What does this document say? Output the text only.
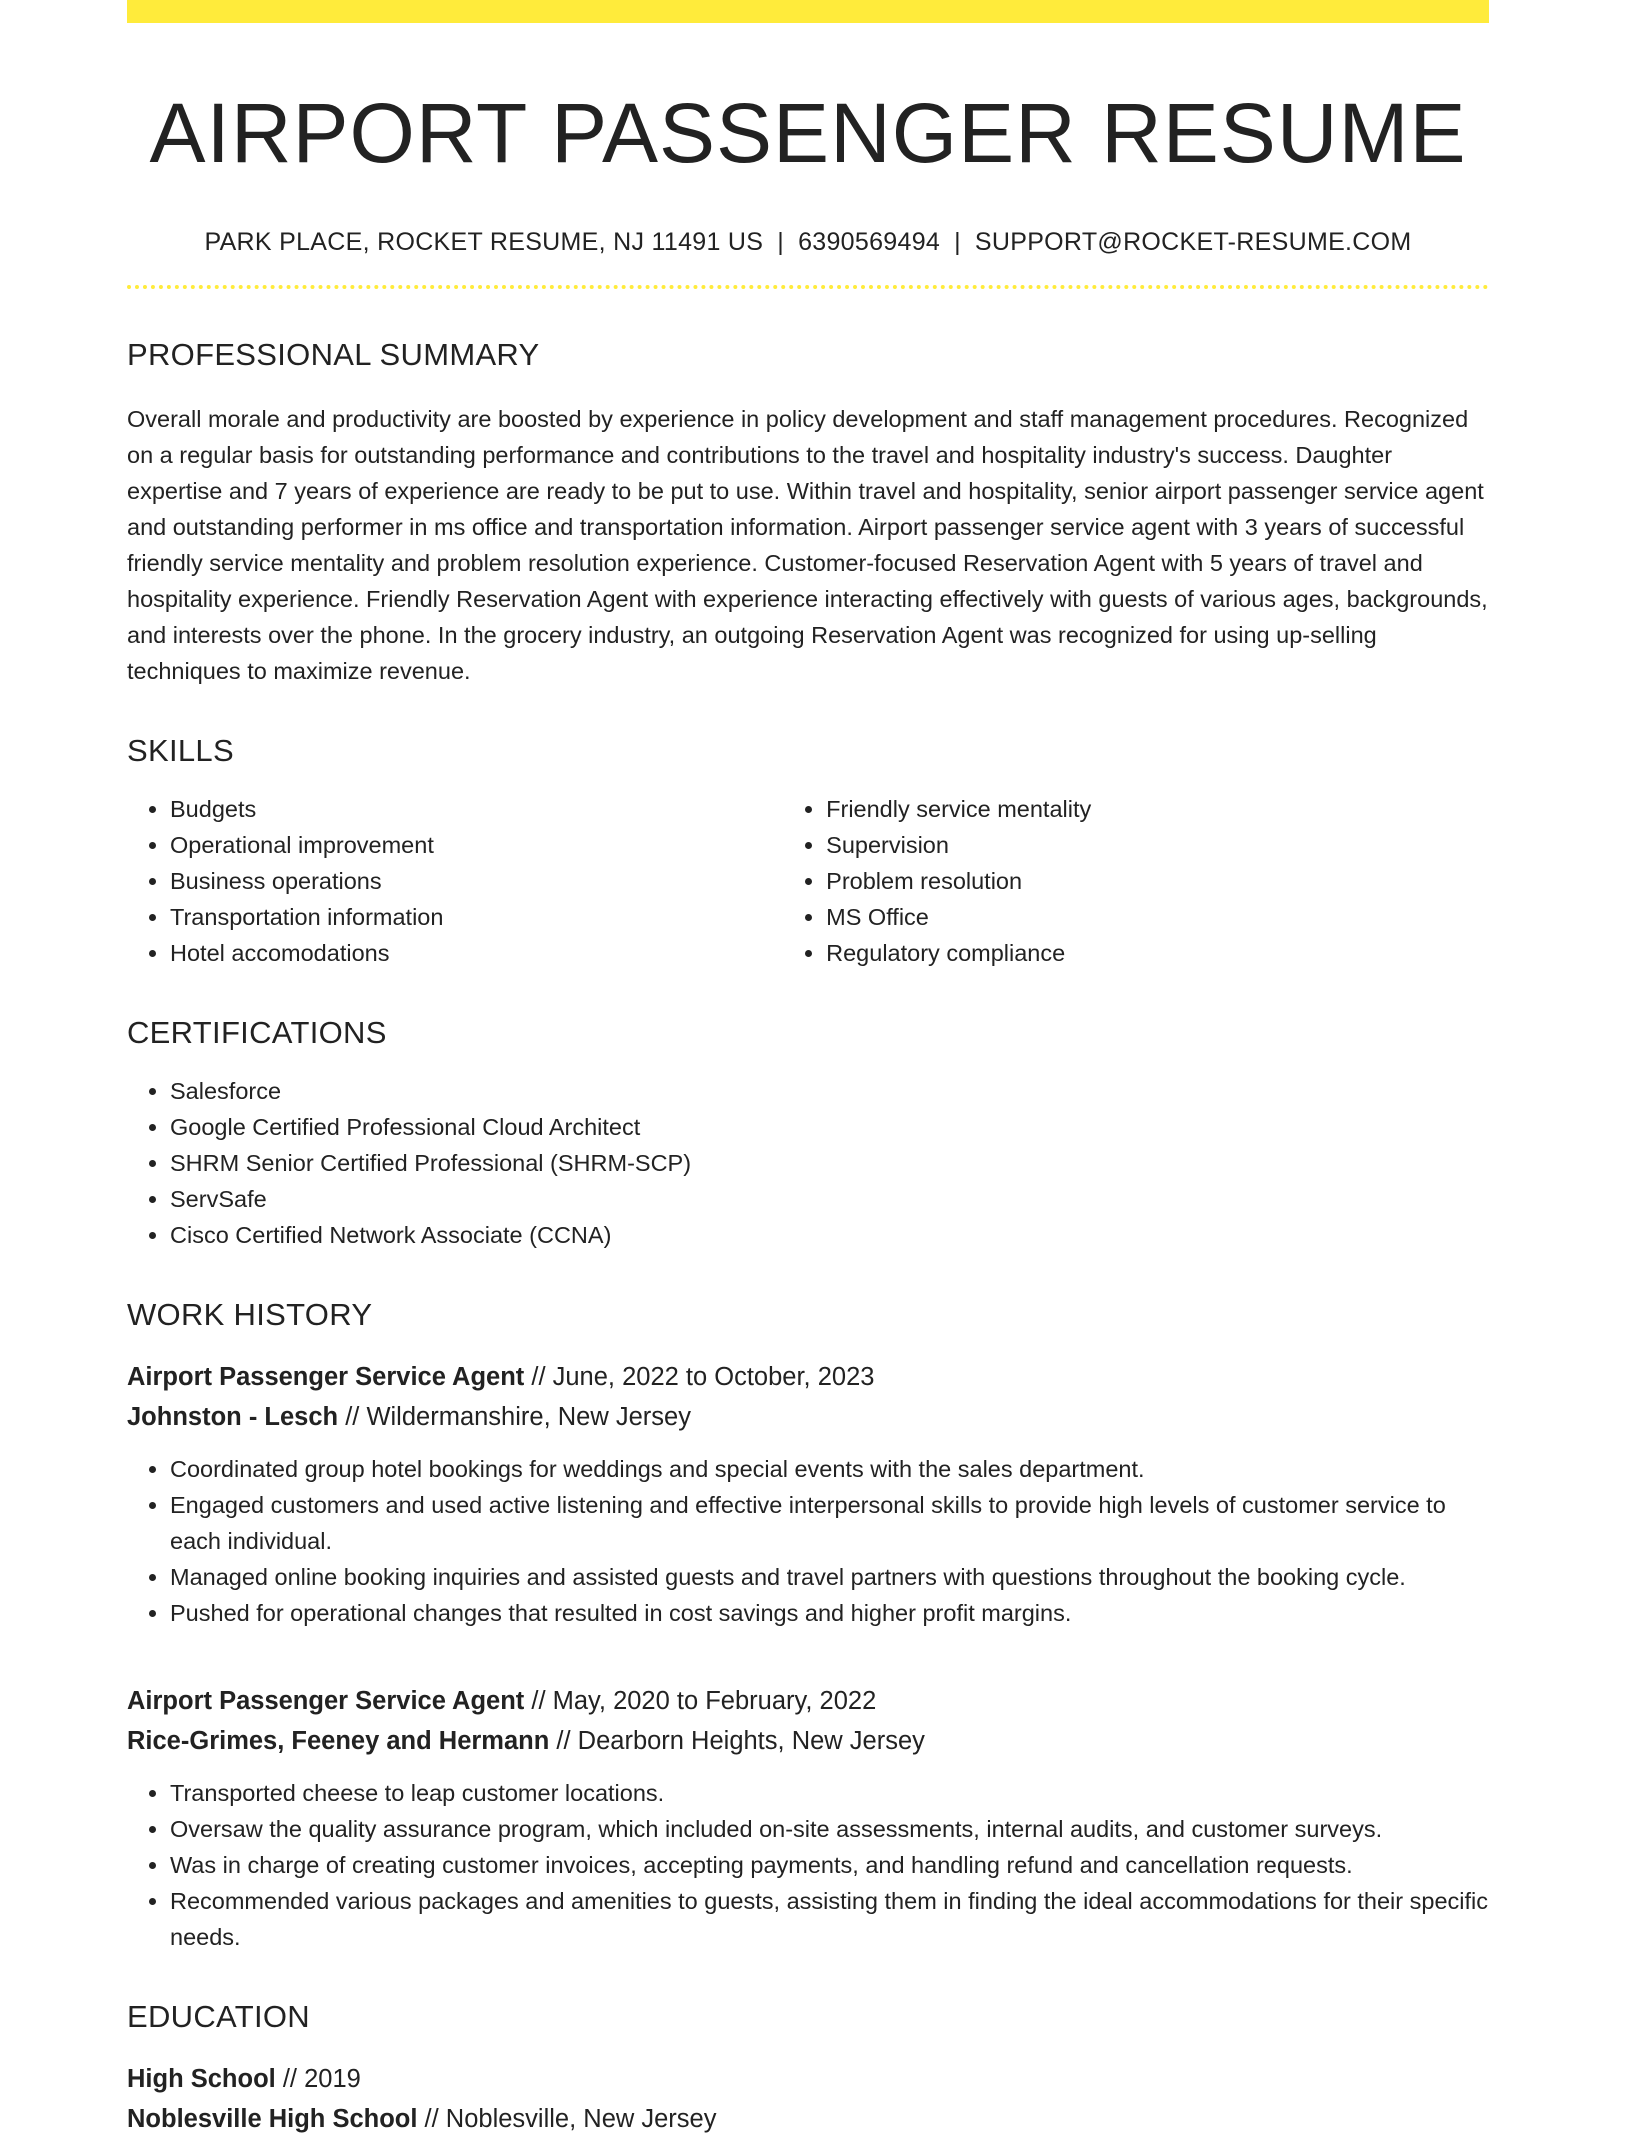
AIRPORT PASSENGER RESUME
PARK PLACE, ROCKET RESUME, NJ 11491 US | 6390569494 | SUPPORT@ROCKET-RESUME.COM
PROFESSIONAL SUMMARY

Overall morale and productivity are boosted by experience in policy development and staff management procedures. Recognized on a regular basis for outstanding performance and contributions to the travel and hospitality industry's success. Daughter expertise and 7 years of experience are ready to be put to use. Within travel and hospitality, senior airport passenger service agent and outstanding performer in ms office and transportation information. Airport passenger service agent with 3 years of successful friendly service mentality and problem resolution experience. Customer-focused Reservation Agent with 5 years of travel and hospitality experience. Friendly Reservation Agent with experience interacting effectively with guests of various ages, backgrounds, and interests over the phone. In the grocery industry, an outgoing Reservation Agent was recognized for using up-selling techniques to maximize revenue.

SKILLS
• Budgets
• Operational improvement
• Business operations
• Transportation information
• Hotel accomodations
• Friendly service mentality
• Supervision
• Problem resolution
• MS Office
• Regulatory compliance
CERTIFICATIONS
• Salesforce
• Google Certified Professional Cloud Architect
• SHRM Senior Certified Professional (SHRM-SCP)
• ServSafe
• Cisco Certified Network Associate (CCNA)
WORK HISTORY
Airport Passenger Service Agent // June, 2022 to October, 2023
Johnston - Lesch // Wildermanshire, New Jersey
• Coordinated group hotel bookings for weddings and special events with the sales department.
• Engaged customers and used active listening and effective interpersonal skills to provide high levels of customer service to each individual.
• Managed online booking inquiries and assisted guests and travel partners with questions throughout the booking cycle.
• Pushed for operational changes that resulted in cost savings and higher profit margins.
Airport Passenger Service Agent // May, 2020 to February, 2022
Rice-Grimes, Feeney and Hermann // Dearborn Heights, New Jersey
• Transported cheese to leap customer locations.
• Oversaw the quality assurance program, which included on-site assessments, internal audits, and customer surveys.
• Was in charge of creating customer invoices, accepting payments, and handling refund and cancellation requests.
• Recommended various packages and amenities to guests, assisting them in finding the ideal accommodations for their specific needs.
EDUCATION
High School // 2019
Noblesville High School // Noblesville, New Jersey
